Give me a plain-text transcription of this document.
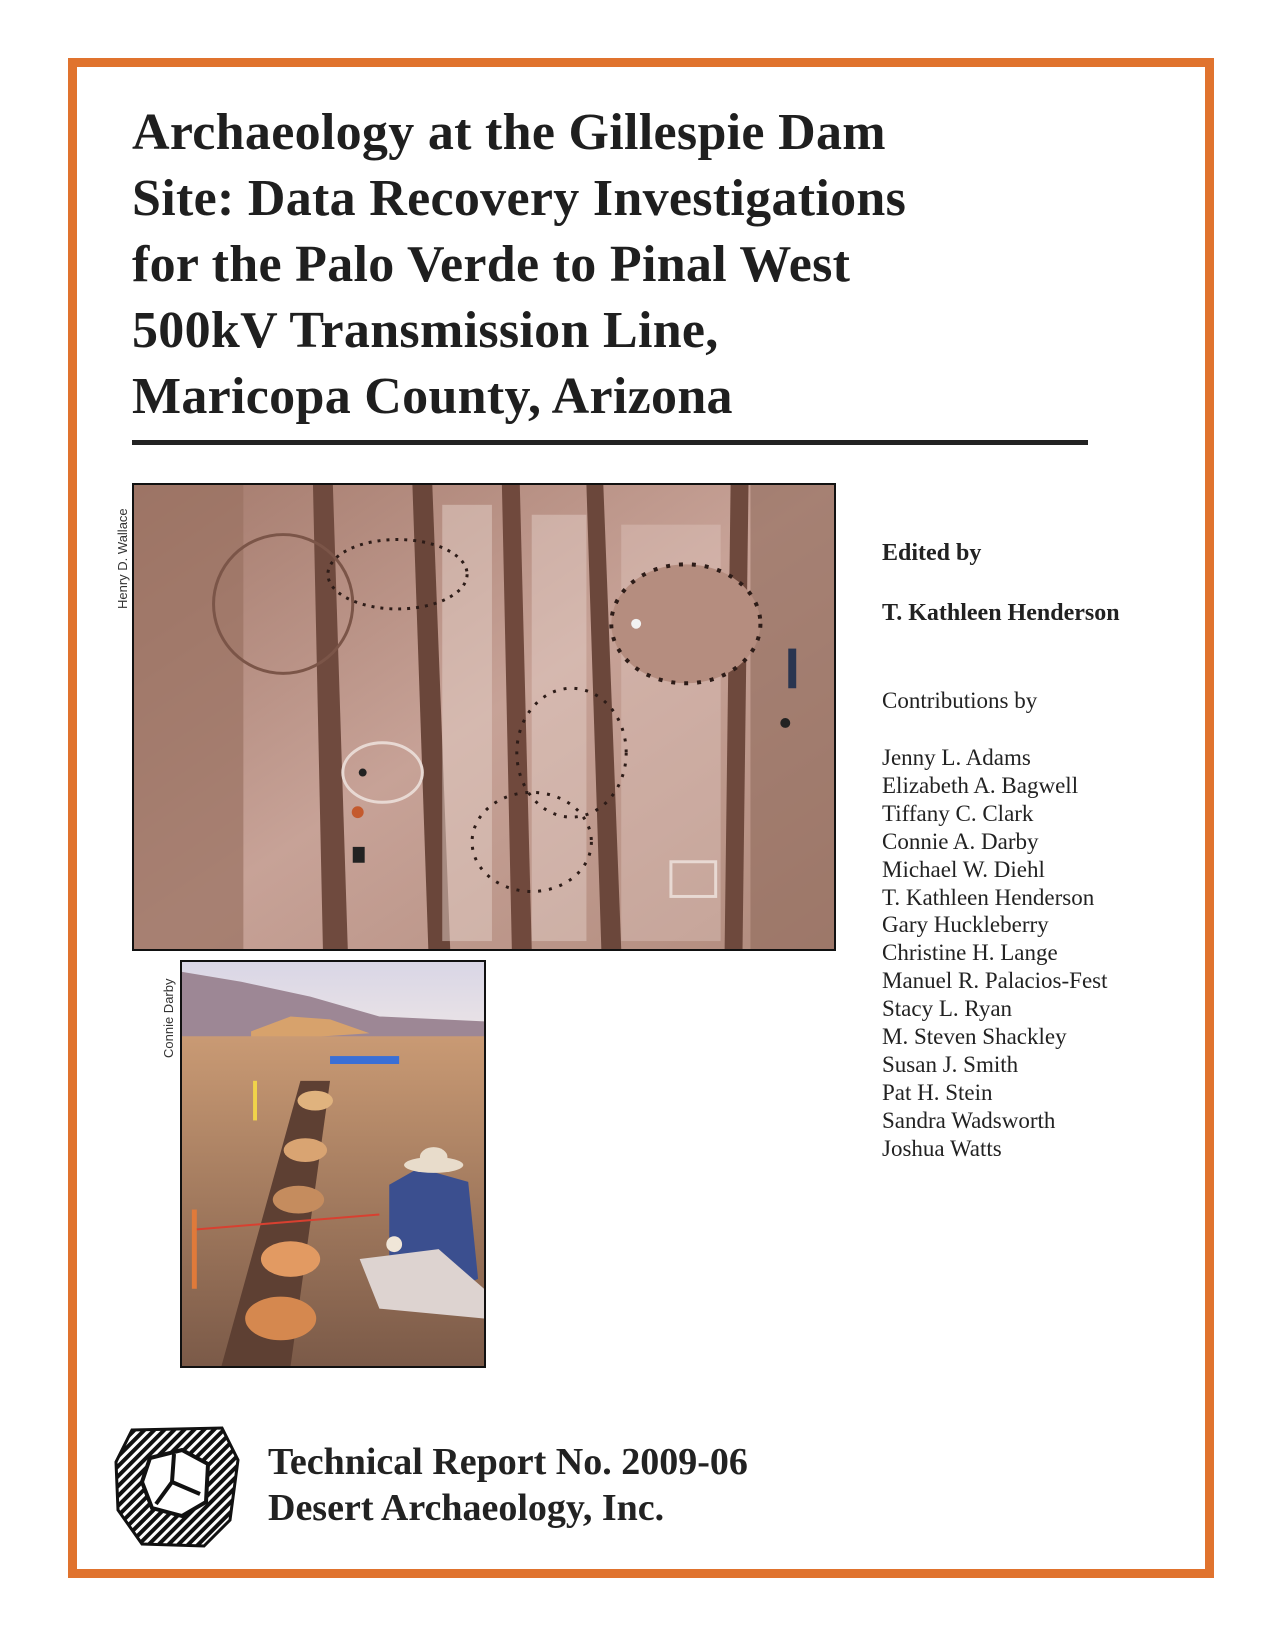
Archaeology at the Gillespie Dam
Site: Data Recovery Investigations
for the Palo Verde to Pinal West
500kV Transmission Line,
Maricopa County, Arizona
Henry D. Wallace
Connie Darby
Edited by

T. Kathleen Henderson

Contributions by

Jenny L. Adams
Elizabeth A. Bagwell
Tiffany C. Clark
Connie A. Darby
Michael W. Diehl
T. Kathleen Henderson
Gary Huckleberry
Christine H. Lange
Manuel R. Palacios-Fest
Stacy L. Ryan
M. Steven Shackley
Susan J. Smith
Pat H. Stein
Sandra Wadsworth
Joshua Watts

Technical Report No. 2009-06

Desert Archaeology, Inc.
